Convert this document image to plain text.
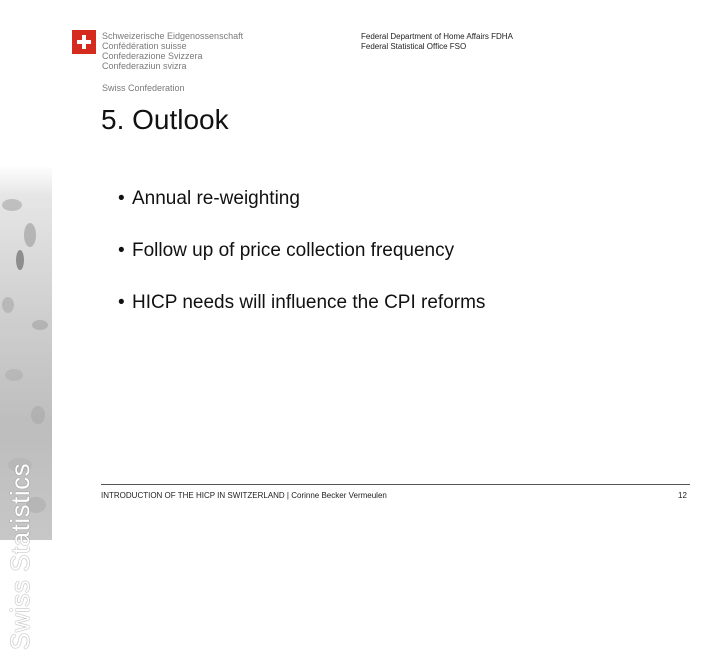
Swiss Statistics
Schweizerische Eidgenossenschaft
Confédération suisse
Confederazione Svizzera
Confederaziun svizra
Swiss Confederation
Federal Department of Home Affairs FDHA
Federal Statistical Office FSO
5. Outlook
• Annual re-weighting
• Follow up of price collection frequency
• HICP needs will influence the CPI reforms
INTRODUCTION OF THE HICP IN SWITZERLAND | Corinne Becker Vermeulen	12
